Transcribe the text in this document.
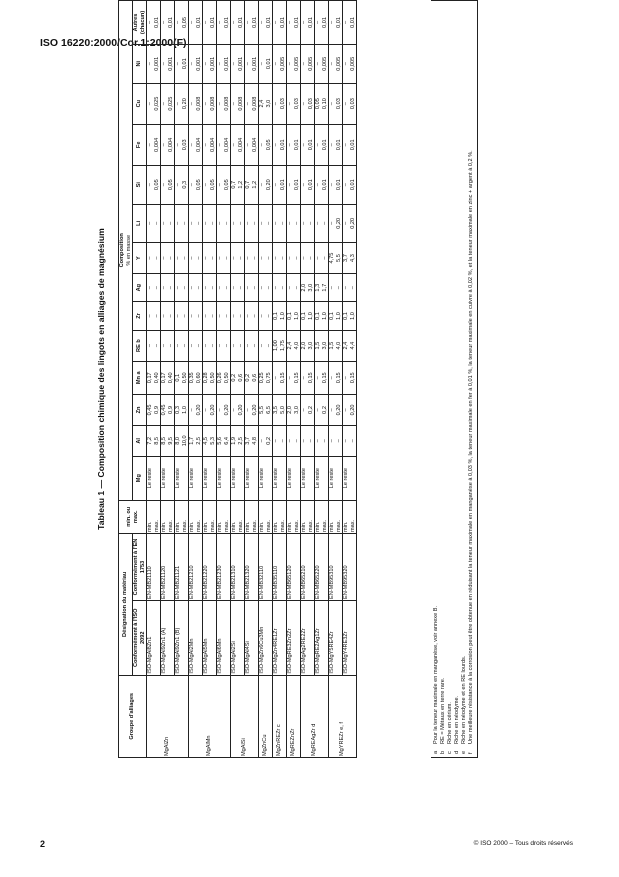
ISO 16220:2000/Cor.1:2000(F)
Tableau 1 — Composition chimique des lingots en alliages de magnésium
Groupe d'alliages	Désignation du matériau		min. ou max.	Composition % en masse													

	Conformément à l'ISO 2092	Conformément à l'EN 1753		Mg	Al	Zn	Mn a	RE b	Zr	Ag	Y	Li	Si	Fe	Cu	Ni	Autres (chacun)

MgAlZn	ISO-MgAl8Zn1	EN-MB21110	min. max.	Le reste	7,2 8,5	0,45 0,9	0,17 0,40	– –	– –	– –	– –	– –	– 0,05	– 0,004	– 0,025	– 0,001	– 0,01

	ISO-MgAl9Zn1 (A)	EN-MB21120	min. max.	Le reste	8,5 9,5	0,45 0,9	0,17 0,40	– –	– –	– –	– –	– –	– 0,05	– 0,004	– 0,025	– 0,001	– 0,01

	ISO-MgAl9Zn1 (B)	EN-MB21121	min. max.	Le reste	8,0 10,0	0,3 1,0	0,1 0,50	– –	– –	– –	– –	– –	– 0,3	– 0,03	– 0,20	– 0,01	– 0,05

MgAlMn	ISO-MgAl2Mn	EN-MB21210	min. max.	Le reste	1,7 2,5	– 0,20	0,35 0,60	– –	– –	– –	– –	– –	– 0,05	– 0,004	– 0,008	– 0,001	– 0,01

	ISO-MgAl5Mn	EN-MB21220	min. max.	Le reste	4,5 5,3	– 0,20	0,28 0,50	– –	– –	– –	– –	– –	– 0,05	– 0,004	– 0,008	– 0,001	– 0,01

	ISO-MgAl6Mn	EN-MB21230	min. max.	Le reste	5,6 6,4	– 0,20	0,26 0,50	– –	– –	– –	– –	– –	– 0,05	– 0,004	– 0,008	– 0,001	– 0,01

MgAlSi	ISO-MgAl2Si	EN-MB21310	min. max.	Le reste	1,9 2,5	– 0,20	0,2 0,6	– –	– –	– –	– –	– –	0,7 1,2	– 0,004	– 0,008	– 0,001	– 0,01

	ISO-MgAl4Si	EN-MB21320	min. max.	Le reste	3,7 4,8	– 0,20	0,2 0,6	– –	– –	– –	– –	– –	0,7 1,2	– 0,004	– 0,008	– 0,001	– 0,01

MgZnCu	ISO-MgZn6Cu3Mn	EN-MB32110	min. max.	Le reste	– 0,2	5,5 6,5	0,25 0,75	– –	– –	– –	– –	– –	– 0,20	– 0,05	2,4 3,0	– 0,01	– 0,01

MgZnREZr c	ISO-MgZn4RE1Zr	EN-MB35110	min. max.	Le reste	– –	3,5 5,0	– 0,15	1,00 1,75	0,1 1,0	– –	– –	– –	– 0,01	– 0,01	– 0,03	– 0,005	– 0,01

MgREZnZr	ISO-MgRE3Zn2Zr	EN-MB65120	min. max.	Le reste	– –	2,0 3,0	– 0,15	2,4 4,0	0,1 1,0	– –	– –	– –	– 0,01	– 0,01	– 0,03	– 0,005	– 0,01

MgREAgZr d	ISO-MgAg2RE2Zr	EN-MB65210	min. max.	Le reste	– –	– 0,2	– 0,15	2,0 3,0	0,1 1,0	2,0 3,0	– –	– –	– 0,01	– 0,01	– 0,03	– 0,005	– 0,01

	ISO-MgRE2Ag1Zr	EN-MB65220	min. max.	Le reste	– –	– 0,2	– 0,15	1,5 3,0	0,1 1,0	1,3 1,7	– –	– –	– 0,01	– 0,01	0,05 0,10	– 0,005	– 0,01

MgYREZr e, f	ISO-MgY5RE4Zr	EN-MB95310	min. max.	Le reste	– –	– 0,20	– 0,15	1,5 4,0	0,1 1,0	– –	4,75 5,5	– 0,20	– 0,01	– 0,01	– 0,03	– 0,005	– 0,01

	ISO-MgY4RE3Zr	EN-MB95320	min. max.	Le reste	– –	– 0,20	– 0,15	2,4 4,4	0,1 1,0	– –	3,7 4,3	– 0,20	– 0,01	– 0,01	– 0,03	– 0,005	– 0,01
aPour la teneur maximale en manganèse, voir annexe B.
bRE = Métaux en terre rare.
cRiche en cérium.
dRiche en néodyme.
eRiche en néodyme et en RE lourds.
fUne meilleure résistance à la corrosion peut être obtenue en réduisant la teneur maximale en manganèse à 0,03 %, la teneur maximale en fer à 0,01 %, la teneur maximale en cuivre à 0,02 %, et la teneur maximale en zinc + argent à 0,2 %.
2	© ISO 2000 – Tous droits réservés
